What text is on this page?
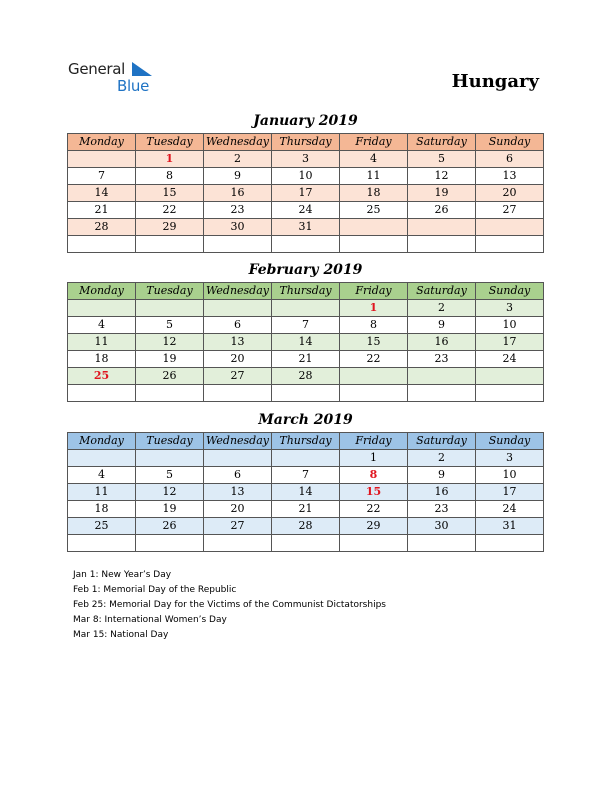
General
Blue	Hungary
January 2019
Monday	Tuesday	Wednesday	Thursday	Friday	Saturday	Sunday
	1	2	3	4	5	6
7	8	9	10	11	12	13
14	15	16	17	18	19	20
21	22	23	24	25	26	27
28	29	30	31			

February 2019
Monday	Tuesday	Wednesday	Thursday	Friday	Saturday	Sunday
				1	2	3
4	5	6	7	8	9	10
11	12	13	14	15	16	17
18	19	20	21	22	23	24
25	26	27	28			

March 2019
Monday	Tuesday	Wednesday	Thursday	Friday	Saturday	Sunday
				1	2	3
4	5	6	7	8	9	10
11	12	13	14	15	16	17
18	19	20	21	22	23	24
25	26	27	28	29	30	31

Jan 1: New Year’s Day
Feb 1: Memorial Day of the Republic
Feb 25: Memorial Day for the Victims of the Communist Dictatorships
Mar 8: International Women’s Day
Mar 15: National Day
